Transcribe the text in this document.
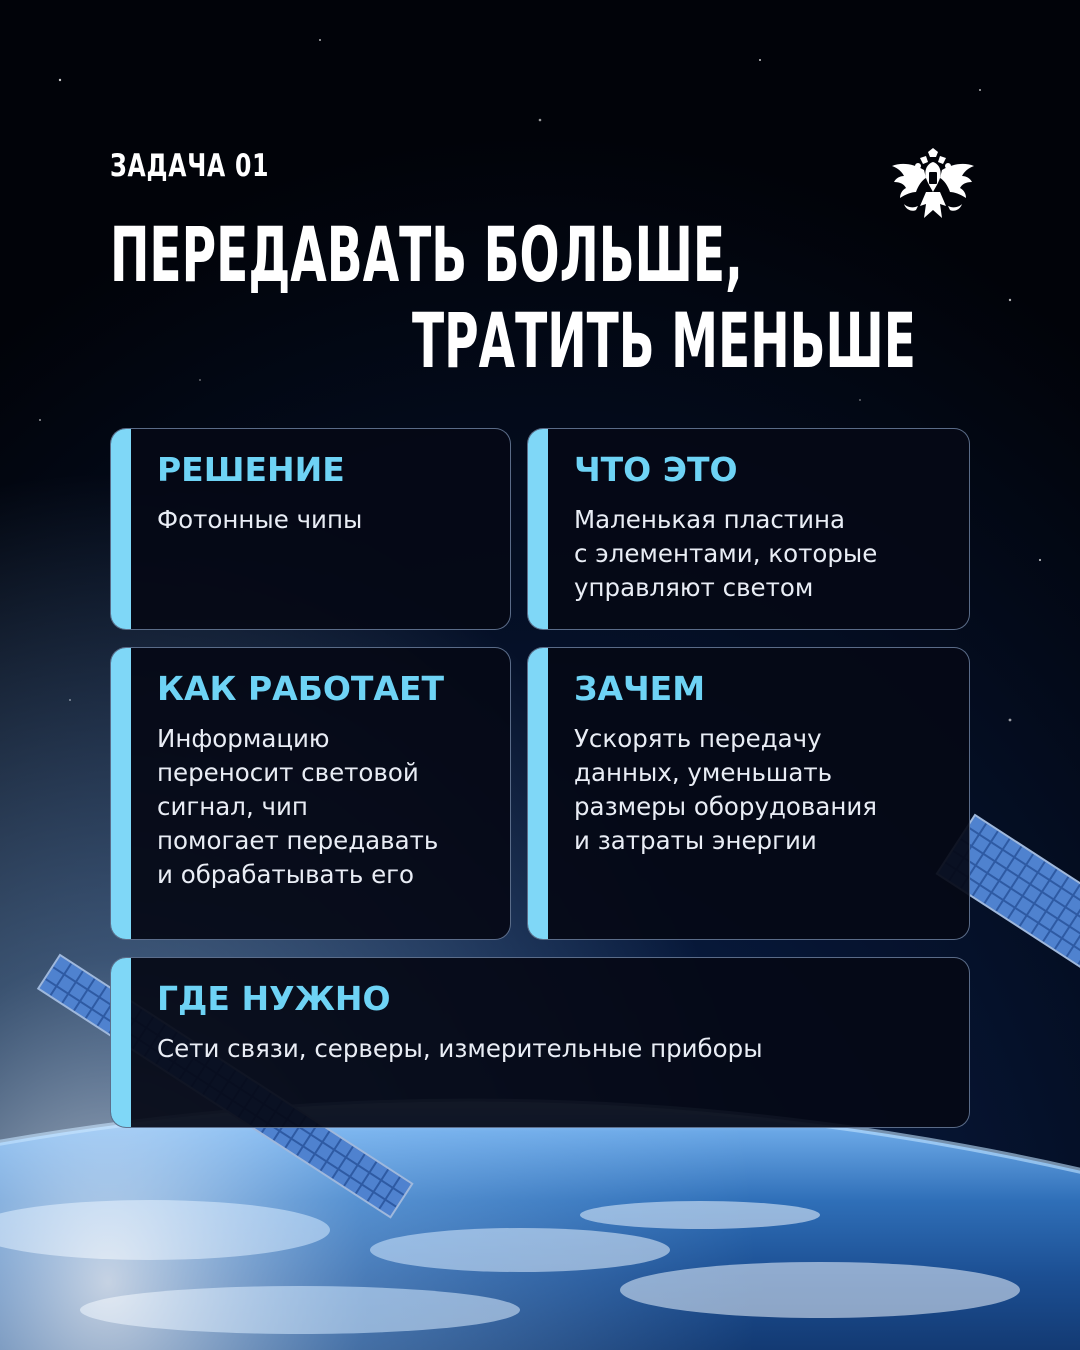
ЗАДАЧА 01
ПЕРЕДАВАТЬ БОЛЬШЕ,
ТРАТИТЬ МЕНЬШЕ
РЕШЕНИЕ
Фотонные чипы
ЧТО ЭТО
Маленькая пластина
с элементами, которые
управляют светом
КАК РАБОТАЕТ
Информацию
переносит световой
сигнал, чип
помогает передавать
и обрабатывать его
ЗАЧЕМ
Ускорять передачу
данных, уменьшать
размеры оборудования
и затраты энергии
ГДЕ НУЖНО
Сети связи, серверы, измерительные приборы
